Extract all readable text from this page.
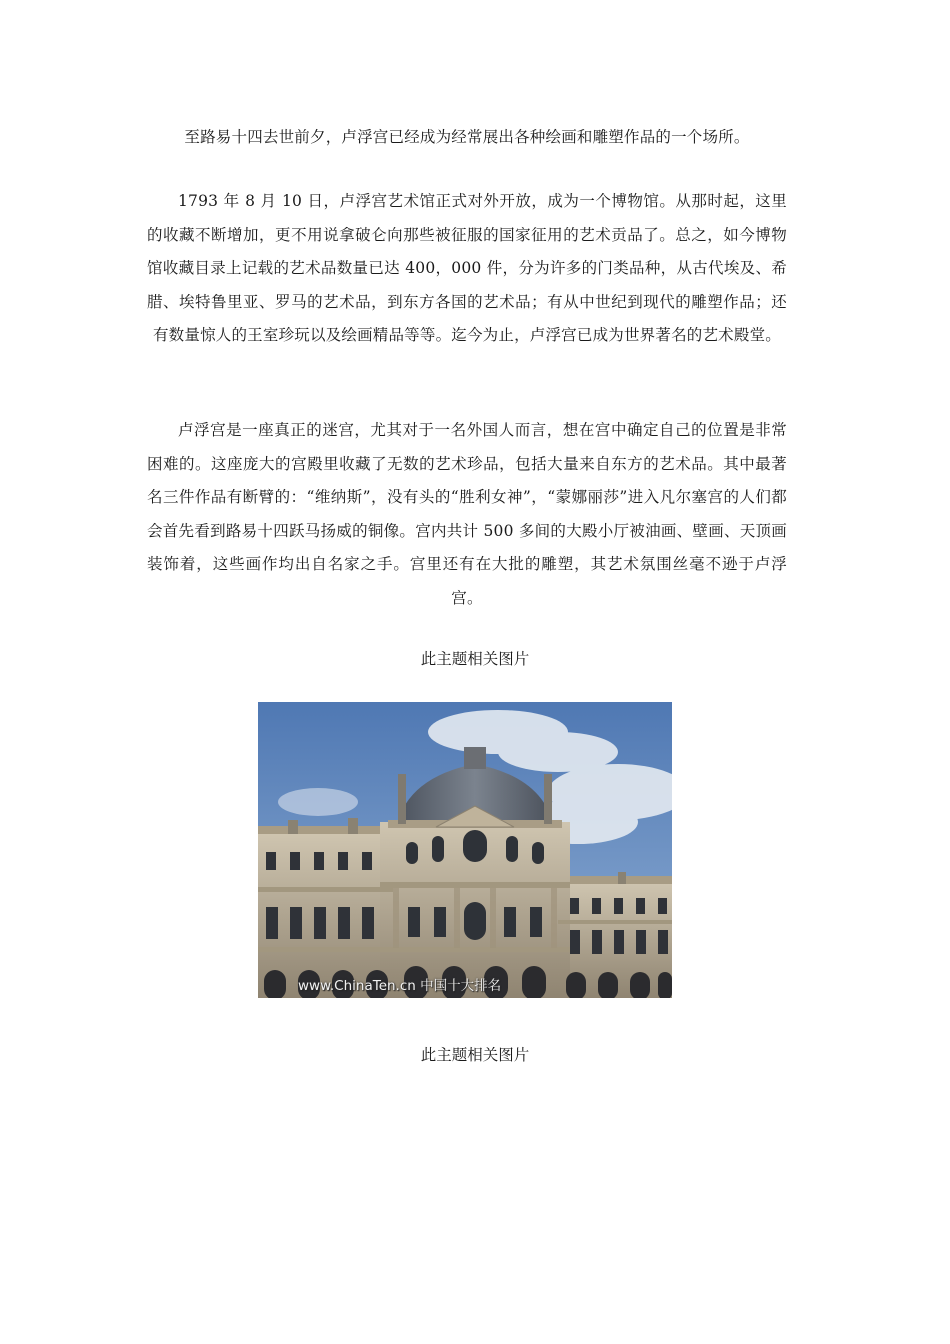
至路易十四去世前夕，卢浮宫已经成为经常展出各种绘画和雕塑作品的一个场所。

1793 年 8 月 10 日，卢浮宫艺术馆正式对外开放，成为一个博物馆。从那时起，这里的收藏不断增加，更不用说拿破仑向那些被征服的国家征用的艺术贡品了。总之，如今博物馆收藏目录上记载的艺术品数量已达 400，000 件，分为许多的门类品种，从古代埃及、希腊、埃特鲁里亚、罗马的艺术品，到东方各国的艺术品；有从中世纪到现代的雕塑作品；还有数量惊人的王室珍玩以及绘画精品等等。迄今为止，卢浮宫已成为世界著名的艺术殿堂。

卢浮宫是一座真正的迷宫，尤其对于一名外国人而言，想在宫中确定自己的位置是非常困难的。这座庞大的宫殿里收藏了无数的艺术珍品，包括大量来自东方的艺术品。其中最著名三件作品有断臂的：“维纳斯”，没有头的“胜利女神”，“蒙娜丽莎”进入凡尔塞宫的人们都会首先看到路易十四跃马扬威的铜像。宫内共计 500 多间的大殿小厅被油画、壁画、天顶画装饰着，这些画作均出自名家之手。宫里还有在大批的雕塑，其艺术氛围丝毫不逊于卢浮宫。

此主题相关图片

www.ChinaTen.cn 中国十大排名

此主题相关图片
